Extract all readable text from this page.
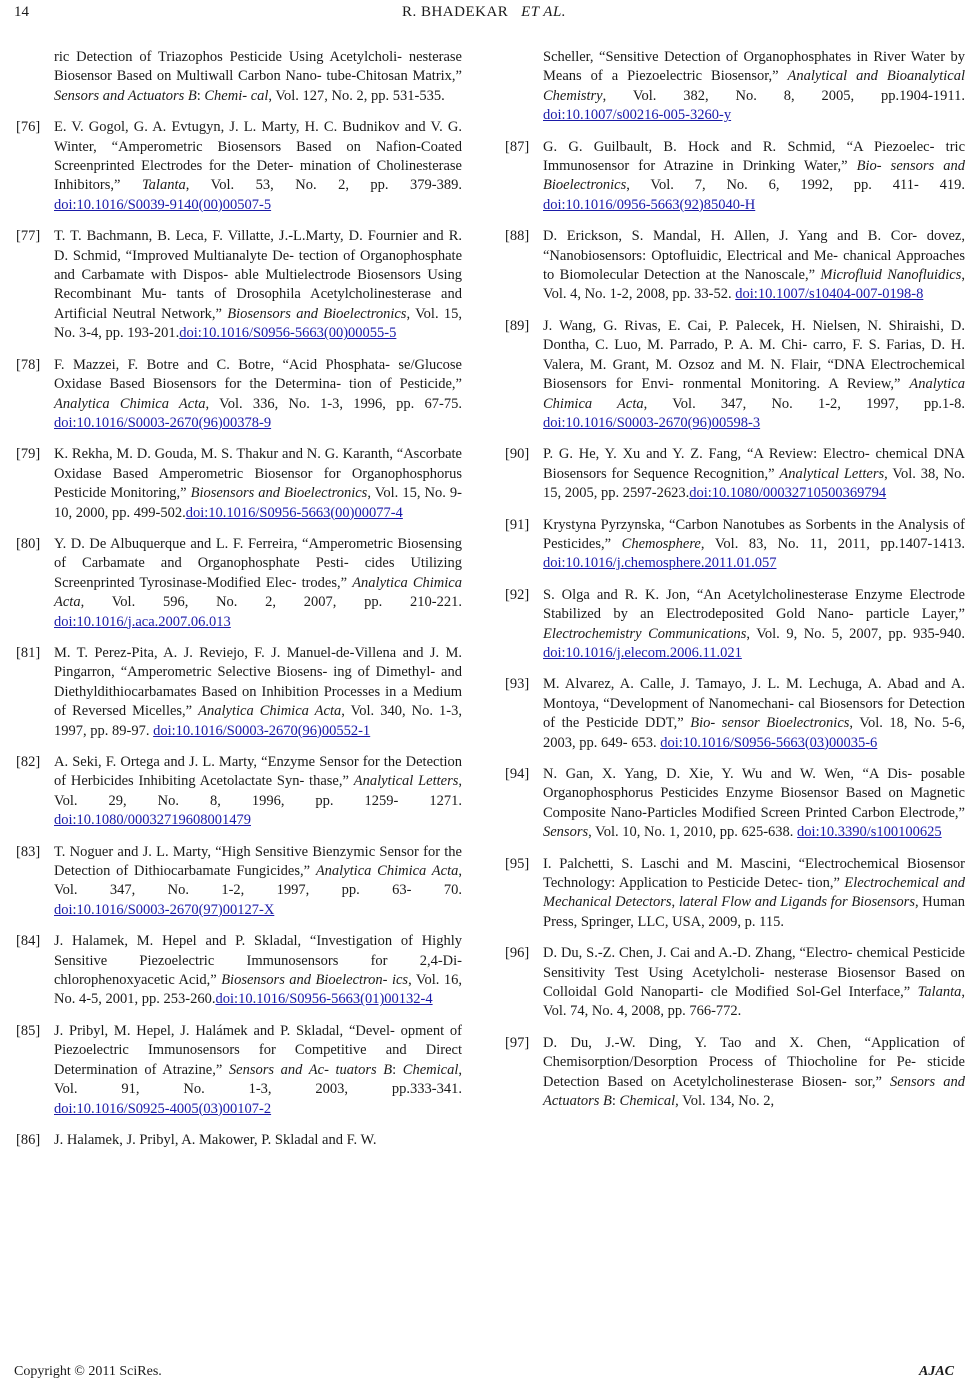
14	R. BHADEKAR ET AL.
ric Detection of Triazophos Pesticide Using Acetylcholi- nesterase Biosensor Based on Multiwall Carbon Nano- tube-Chitosan Matrix,” Sensors and Actuators B: Chemi- cal, Vol. 127, No. 2, pp. 531-535.
[76] E. V. Gogol, G. A. Evtugyn, J. L. Marty, H. C. Budnikov and V. G. Winter, “Amperometric Biosensors Based on Nafion-Coated Screenprinted Electrodes for the Deter- mination of Cholinesterase Inhibitors,” Talanta, Vol. 53, No. 2, pp. 379-389. doi:10.1016/S0039-9140(00)00507-5
[77] T. T. Bachmann, B. Leca, F. Villatte, J.-L.Marty, D. Fournier and R. D. Schmid, “Improved Multianalyte De- tection of Organophosphate and Carbamate with Dispos- able Multielectrode Biosensors Using Recombinant Mu- tants of Drosophila Acetylcholinesterase and Artificial Neutral Network,” Biosensors and Bioelectronics, Vol. 15, No. 3-4, pp. 193-201.doi:10.1016/S0956-5663(00)00055-5
[78] F. Mazzei, F. Botre and C. Botre, “Acid Phosphata- se/Glucose Oxidase Based Biosensors for the Determina- tion of Pesticide,” Analytica Chimica Acta, Vol. 336, No. 1-3, 1996, pp. 67-75.doi:10.1016/S0003-2670(96)00378-9
[79] K. Rekha, M. D. Gouda, M. S. Thakur and N. G. Karanth, “Ascorbate Oxidase Based Amperometric Biosensor for Organophosphorus Pesticide Monitoring,” Biosensors and Bioelectronics, Vol. 15, No. 9-10, 2000, pp. 499-502.doi:10.1016/S0956-5663(00)00077-4
[80] Y. D. De Albuquerque and L. F. Ferreira, “Amperometric Biosensing of Carbamate and Organophosphate Pesti- cides Utilizing Screenprinted Tyrosinase-Modified Elec- trodes,” Analytica Chimica Acta, Vol. 596, No. 2, 2007, pp. 210-221. doi:10.1016/j.aca.2007.06.013
[81] M. T. Perez-Pita, A. J. Reviejo, F. J. Manuel-de-Villena and J. M. Pingarron, “Amperometric Selective Biosens- ing of Dimethyl- and Diethyldithiocarbamates Based on Inhibition Processes in a Medium of Reversed Micelles,” Analytica Chimica Acta, Vol. 340, No. 1-3, 1997, pp. 89-97. doi:10.1016/S0003-2670(96)00552-1
[82] A. Seki, F. Ortega and J. L. Marty, “Enzyme Sensor for the Detection of Herbicides Inhibiting Acetolactate Syn- thase,” Analytical Letters, Vol. 29, No. 8, 1996, pp. 1259- 1271. doi:10.1080/00032719608001479
[83] T. Noguer and J. L. Marty, “High Sensitive Bienzymic Sensor for the Detection of Dithiocarbamate Fungicides,” Analytica Chimica Acta, Vol. 347, No. 1-2, 1997, pp. 63- 70. doi:10.1016/S0003-2670(97)00127-X
[84] J. Halamek, M. Hepel and P. Skladal, “Investigation of Highly Sensitive Piezoelectric Immunosensors for 2,4-Di- chlorophenoxyacetic Acid,” Biosensors and Bioelectron- ics, Vol. 16, No. 4-5, 2001, pp. 253-260.doi:10.1016/S0956-5663(01)00132-4
[85] J. Pribyl, M. Hepel, J. Halámek and P. Skladal, “Devel- opment of Piezoelectric Immunosensors for Competitive and Direct Determination of Atrazine,” Sensors and Ac- tuators B: Chemical, Vol. 91, No. 1-3, 2003, pp.333-341.doi:10.1016/S0925-4005(03)00107-2
[86] J. Halamek, J. Pribyl, A. Makower, P. Skladal and F. W.
Scheller, “Sensitive Detection of Organophosphates in River Water by Means of a Piezoelectric Biosensor,” Analytical and Bioanalytical Chemistry, Vol. 382, No. 8, 2005, pp.1904-1911. doi:10.1007/s00216-005-3260-y
[87] G. G. Guilbault, B. Hock and R. Schmid, “A Piezoelec- tric Immunosensor for Atrazine in Drinking Water,” Bio- sensors and Bioelectronics, Vol. 7, No. 6, 1992, pp. 411- 419. doi:10.1016/0956-5663(92)85040-H
[88] D. Erickson, S. Mandal, H. Allen, J. Yang and B. Cor- dovez, “Nanobiosensors: Optofluidic, Electrical and Me- chanical Approaches to Biomolecular Detection at the Nanoscale,” Microfluid Nanofluidics, Vol. 4, No. 1-2, 2008, pp. 33-52. doi:10.1007/s10404-007-0198-8
[89] J. Wang, G. Rivas, E. Cai, P. Palecek, H. Nielsen, N. Shiraishi, D. Dontha, C. Luo, M. Parrado, P. A. M. Chi- carro, F. S. Farias, D. H. Valera, M. Grant, M. Ozsoz and M. N. Flair, “DNA Electrochemical Biosensors for Envi- ronmental Monitoring. A Review,” Analytica Chimica Acta, Vol. 347, No. 1-2, 1997, pp.1-8.doi:10.1016/S0003-2670(96)00598-3
[90] P. G. He, Y. Xu and Y. Z. Fang, “A Review: Electro- chemical DNA Biosensors for Sequence Recognition,” Analytical Letters, Vol. 38, No. 15, 2005, pp. 2597-2623.doi:10.1080/00032710500369794
[91] Krystyna Pyrzynska, “Carbon Nanotubes as Sorbents in the Analysis of Pesticides,” Chemosphere, Vol. 83, No. 11, 2011, pp.1407-1413.doi:10.1016/j.chemosphere.2011.01.057
[92] S. Olga and R. K. Jon, “An Acetylcholinesterase Enzyme Electrode Stabilized by an Electrodeposited Gold Nano- particle Layer,” Electrochemistry Communications, Vol. 9, No. 5, 2007, pp. 935-940.doi:10.1016/j.elecom.2006.11.021
[93] M. Alvarez, A. Calle, J. Tamayo, J. L. M. Lechuga, A. Abad and A. Montoya, “Development of Nanomechani- cal Biosensors for Detection of the Pesticide DDT,” Bio- sensor Bioelectronics, Vol. 18, No. 5-6, 2003, pp. 649- 653. doi:10.1016/S0956-5663(03)00035-6
[94] N. Gan, X. Yang, D. Xie, Y. Wu and W. Wen, “A Dis- posable Organophosphorus Pesticides Enzyme Biosensor Based on Magnetic Composite Nano-Particles Modified Screen Printed Carbon Electrode,” Sensors, Vol. 10, No. 1, 2010, pp. 625-638. doi:10.3390/s100100625
[95] I. Palchetti, S. Laschi and M. Mascini, “Electrochemical Biosensor Technology: Application to Pesticide Detec- tion,” Electrochemical and Mechanical Detectors, lateral Flow and Ligands for Biosensors, Human Press, Springer, LLC, USA, 2009, p. 115.
[96] D. Du, S.-Z. Chen, J. Cai and A.-D. Zhang, “Electro- chemical Pesticide Sensitivity Test Using Acetylcholi- nesterase Biosensor Based on Colloidal Gold Nanoparti- cle Modified Sol-Gel Interface,” Talanta, Vol. 74, No. 4, 2008, pp. 766-772.
[97] D. Du, J.-W. Ding, Y. Tao and X. Chen, “Application of Chemisorption/Desorption Process of Thiocholine for Pe- sticide Detection Based on Acetylcholinesterase Biosen- sor,” Sensors and Actuators B: Chemical, Vol. 134, No. 2,
Copyright © 2011 SciRes.	AJAC
